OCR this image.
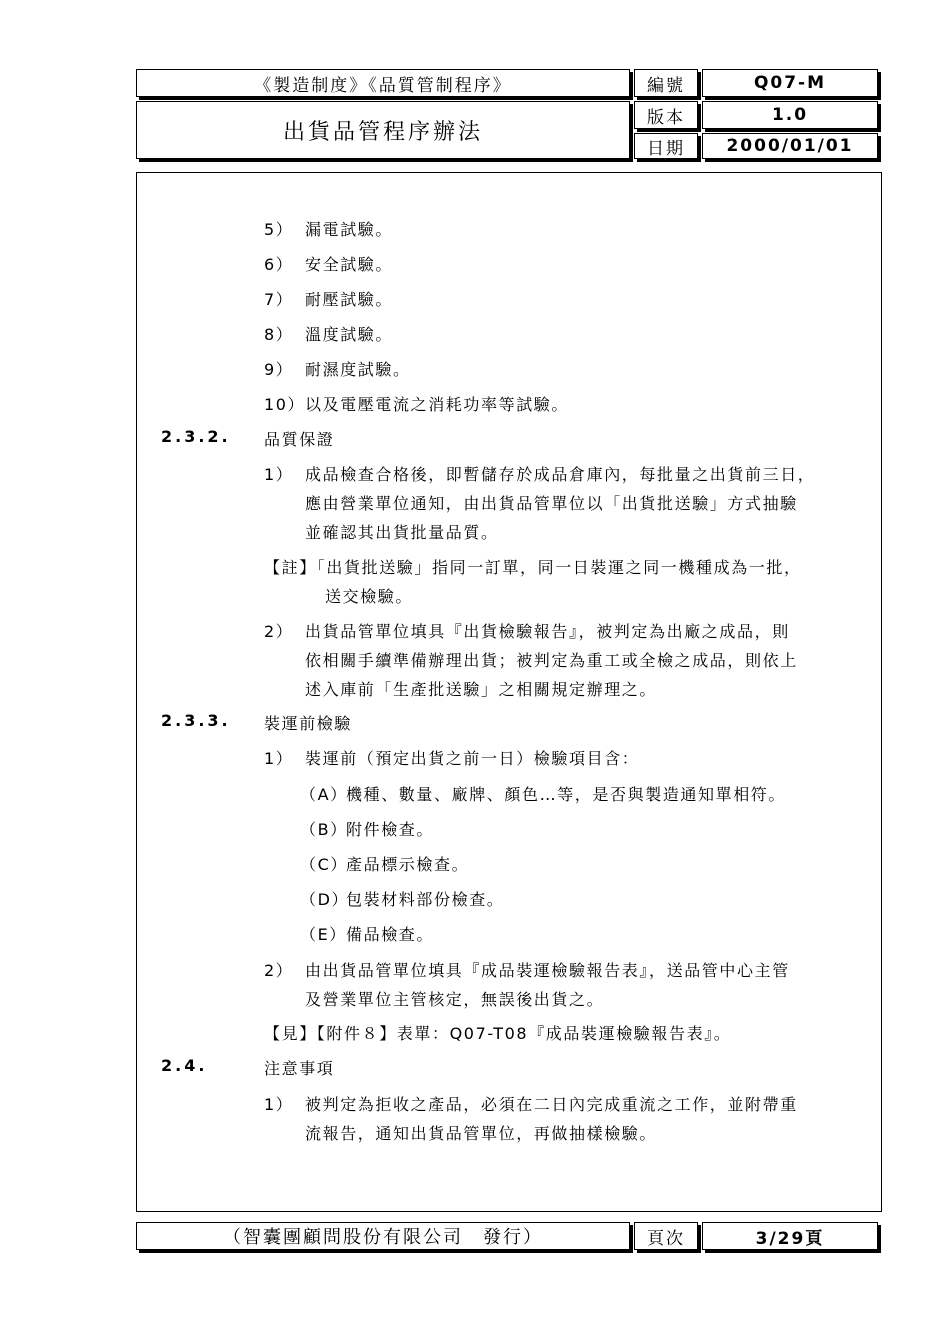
《製造制度》《品質管制程序》
出貨品管程序辦法
編號	Q07-M
版本	1.0
日期 2000/01/01
5） 漏電試驗。
6） 安全試驗。
7） 耐壓試驗。
8） 溫度試驗。
9） 耐濕度試驗。
10） 以及電壓電流之消耗功率等試驗。
2.3.2. 品質保證
1） 成品檢查合格後，即暫儲存於成品倉庫內，每批量之出貨前三日，
應由營業單位通知，由出貨品管單位以「出貨批送驗」方式抽驗
並確認其出貨批量品質。
【註】「出貨批送驗」指同一訂單，同一日裝運之同一機種成為一批，
送交檢驗。
2） 出貨品管單位填具『出貨檢驗報告』，被判定為出廠之成品，則
依相關手續準備辦理出貨；被判定為重工或全檢之成品，則依上
述入庫前「生產批送驗」之相關規定辦理之。
2.3.3. 裝運前檢驗
1） 裝運前（預定出貨之前一日）檢驗項目含：
（A）
機種、數量、廠牌、顏色…等，是否與製造通知單相符。
（B）
附件檢查。
（C）
產品標示檢查。
（D）
包裝材料部份檢查。
（E） 備品檢查。
2） 由出貨品管單位填具『成品裝運檢驗報告表』，送品管中心主管
及營業單位主管核定，無誤後出貨之。
【見】【附件８】表單：Q07-T08『成品裝運檢驗報告表』。
2.4.	注意事項
1） 被判定為拒收之產品，必須在二日內完成重流之工作，並附帶重
流報告，通知出貨品管單位，再做抽樣檢驗。
（智囊團顧問股份有限公司　發行）	頁次	3/29頁
